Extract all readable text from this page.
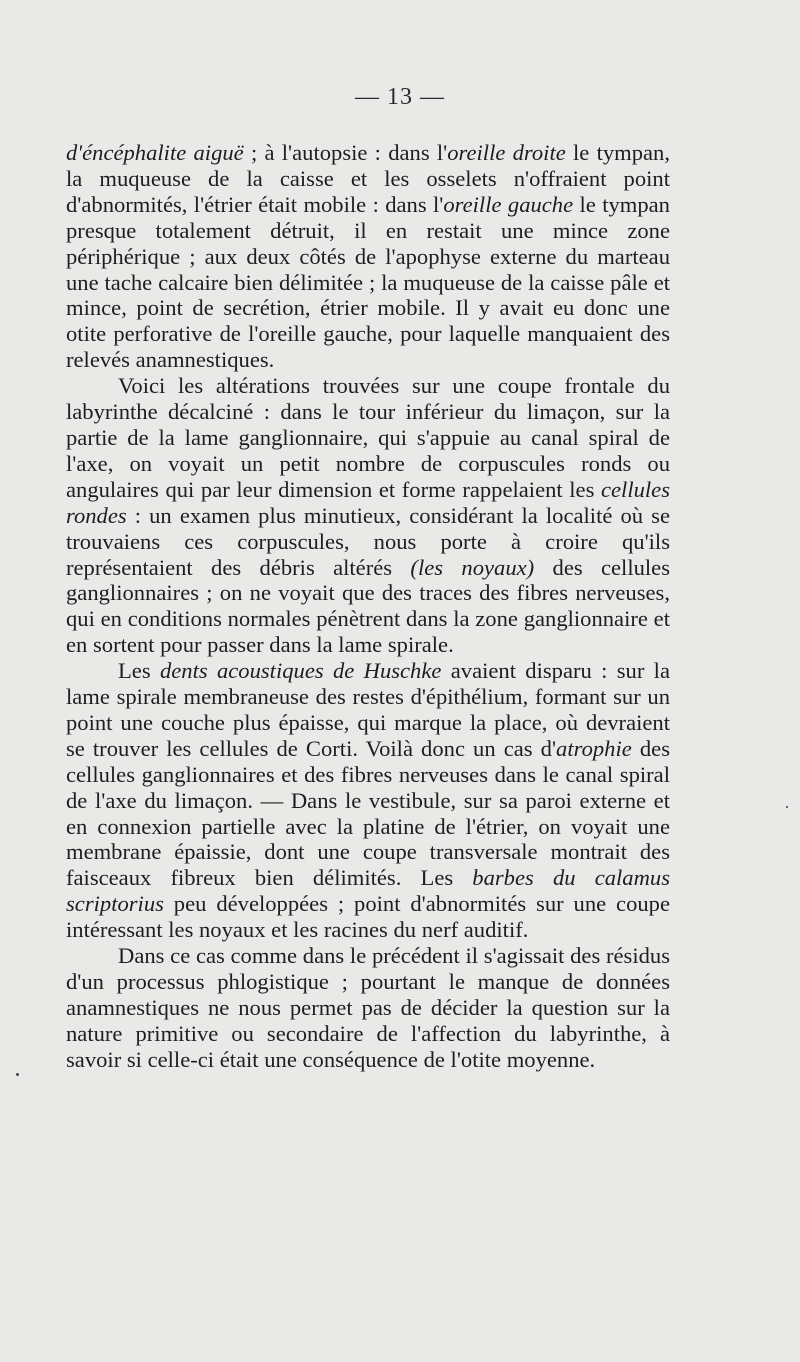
— 13 —

d'éncéphalite aiguë ; à l'autopsie : dans l'oreille droite le tympan, la muqueuse de la caisse et les osselets n'offraient point d'abnormités, l'étrier était mobile : dans l'oreille gauche le tympan presque totalement détruit, il en restait une mince zone périphérique ; aux deux côtés de l'apophyse externe du marteau une tache calcaire bien délimitée ; la muqueuse de la caisse pâle et mince, point de secrétion, étrier mobile. Il y avait eu donc une otite perforative de l'oreille gauche, pour laquelle manquaient des relevés anamnestiques.

Voici les altérations trouvées sur une coupe frontale du labyrinthe décalciné : dans le tour inférieur du limaçon, sur la partie de la lame ganglionnaire, qui s'appuie au canal spiral de l'axe, on voyait un petit nombre de corpuscules ronds ou angulaires qui par leur dimension et forme rappelaient les cellules rondes : un examen plus minutieux, considérant la localité où se trouvaiens ces corpuscules, nous porte à croire qu'ils représentaient des débris altérés (les noyaux) des cellules ganglionnaires ; on ne voyait que des traces des fibres nerveuses, qui en conditions normales pénètrent dans la zone ganglionnaire et en sortent pour passer dans la lame spirale.

Les dents acoustiques de Huschke avaient disparu : sur la lame spirale membraneuse des restes d'épithélium, formant sur un point une couche plus épaisse, qui marque la place, où devraient se trouver les cellules de Corti. Voilà donc un cas d'atrophie des cellules ganglionnaires et des fibres nerveuses dans le canal spiral de l'axe du limaçon. — Dans le vestibule, sur sa paroi externe et en connexion partielle avec la platine de l'étrier, on voyait une membrane épaissie, dont une coupe transversale montrait des faisceaux fibreux bien délimités. Les barbes du calamus scriptorius peu développées ; point d'abnormités sur une coupe intéressant les noyaux et les racines du nerf auditif.

Dans ce cas comme dans le précédent il s'agissait des résidus d'un processus phlogistique ; pourtant le manque de données anamnestiques ne nous permet pas de décider la question sur la nature primitive ou secondaire de l'affection du labyrinthe, à savoir si celle-ci était une conséquence de l'otite moyenne.
